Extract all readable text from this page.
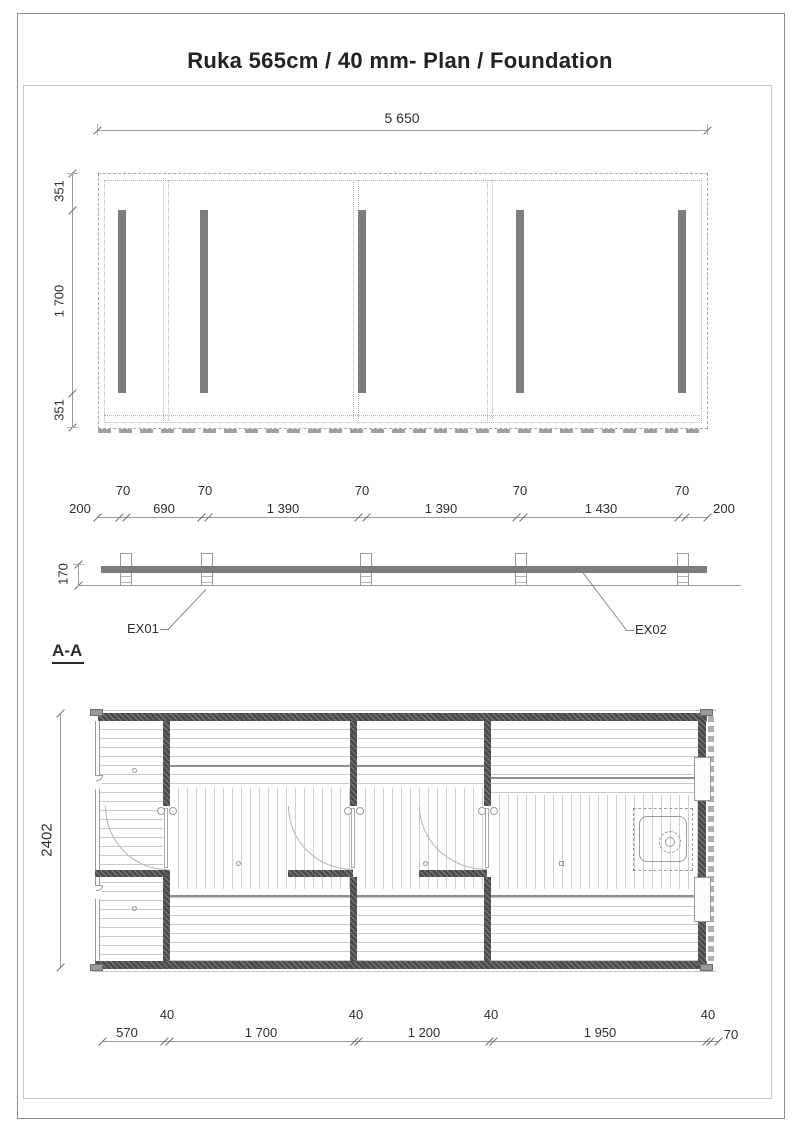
Ruka 565cm / 40 mm- Plan / Foundation
5 650
351
1 700
351
200
70
690
70
1 390
70
1 390
70
1 430
70
200
170
EX01	EX02
A-A
2402
570
40
1 700
40
1 200
40
1 950
40
70
